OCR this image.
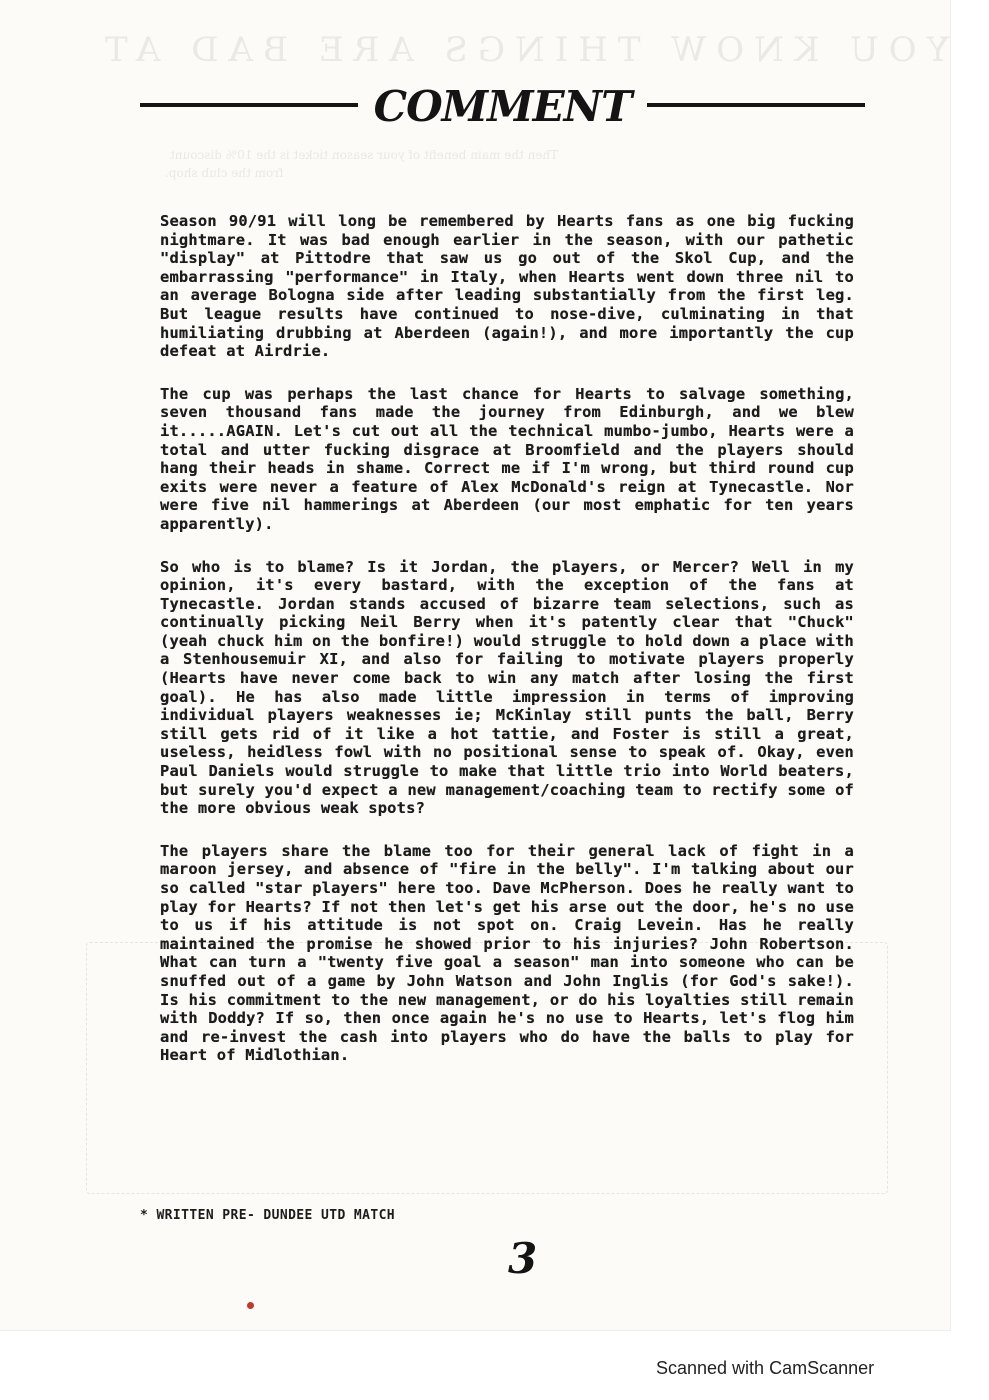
YOU KNOW THINGS ARE BAD AT
Then the main benefit of your season ticket is the 10% discount
from the club shop.
COMMENT

Season 90/91 will long be remembered by Hearts fans as one big fucking nightmare. It was bad enough earlier in the season, with our pathetic "display" at Pittodre that saw us go out of the Skol Cup, and the embarrassing "performance" in Italy, when Hearts went down three nil to an average Bologna side after leading substantially from the first leg. But league results have continued to nose-dive, culminating in that humiliating drubbing at Aberdeen (again!), and more importantly the cup defeat at Airdrie.

The cup was perhaps the last chance for Hearts to salvage something, seven thousand fans made the journey from Edinburgh, and we blew it.....AGAIN. Let's cut out all the technical mumbo-jumbo, Hearts were a total and utter fucking disgrace at Broomfield and the players should hang their heads in shame. Correct me if I'm wrong, but third round cup exits were never a feature of Alex McDonald's reign at Tynecastle. Nor were five nil hammerings at Aberdeen (our most emphatic for ten years apparently).

So who is to blame? Is it Jordan, the players, or Mercer? Well in my opinion, it's every bastard, with the exception of the fans at Tynecastle. Jordan stands accused of bizarre team selections, such as continually picking Neil Berry when it's patently clear that "Chuck" (yeah chuck him on the bonfire!) would struggle to hold down a place with a Stenhousemuir XI, and also for failing to motivate players properly (Hearts have never come back to win any match after losing the first goal). He has also made little impression in terms of improving individual players weaknesses ie; McKinlay still punts the ball, Berry still gets rid of it like a hot tattie, and Foster is still a great, useless, heidless fowl with no positional sense to speak of. Okay, even Paul Daniels would struggle to make that little trio into World beaters, but surely you'd expect a new management/coaching team to rectify some of the more obvious weak spots?

The players share the blame too for their general lack of fight in a maroon jersey, and absence of "fire in the belly". I'm talking about our so called "star players" here too. Dave McPherson. Does he really want to play for Hearts? If not then let's get his arse out the door, he's no use to us if his attitude is not spot on. Craig Levein. Has he really maintained the promise he showed prior to his injuries? John Robertson. What can turn a "twenty five goal a season" man into someone who can be snuffed out of a game by John Watson and John Inglis (for God's sake!). Is his commitment to the new management, or do his loyalties still remain with Doddy? If so, then once again he's no use to Hearts, let's flog him and re-invest the cash into players who do have the balls to play for Heart of Midlothian.

* WRITTEN PRE- DUNDEE UTD MATCH
3
Scanned with CamScanner
